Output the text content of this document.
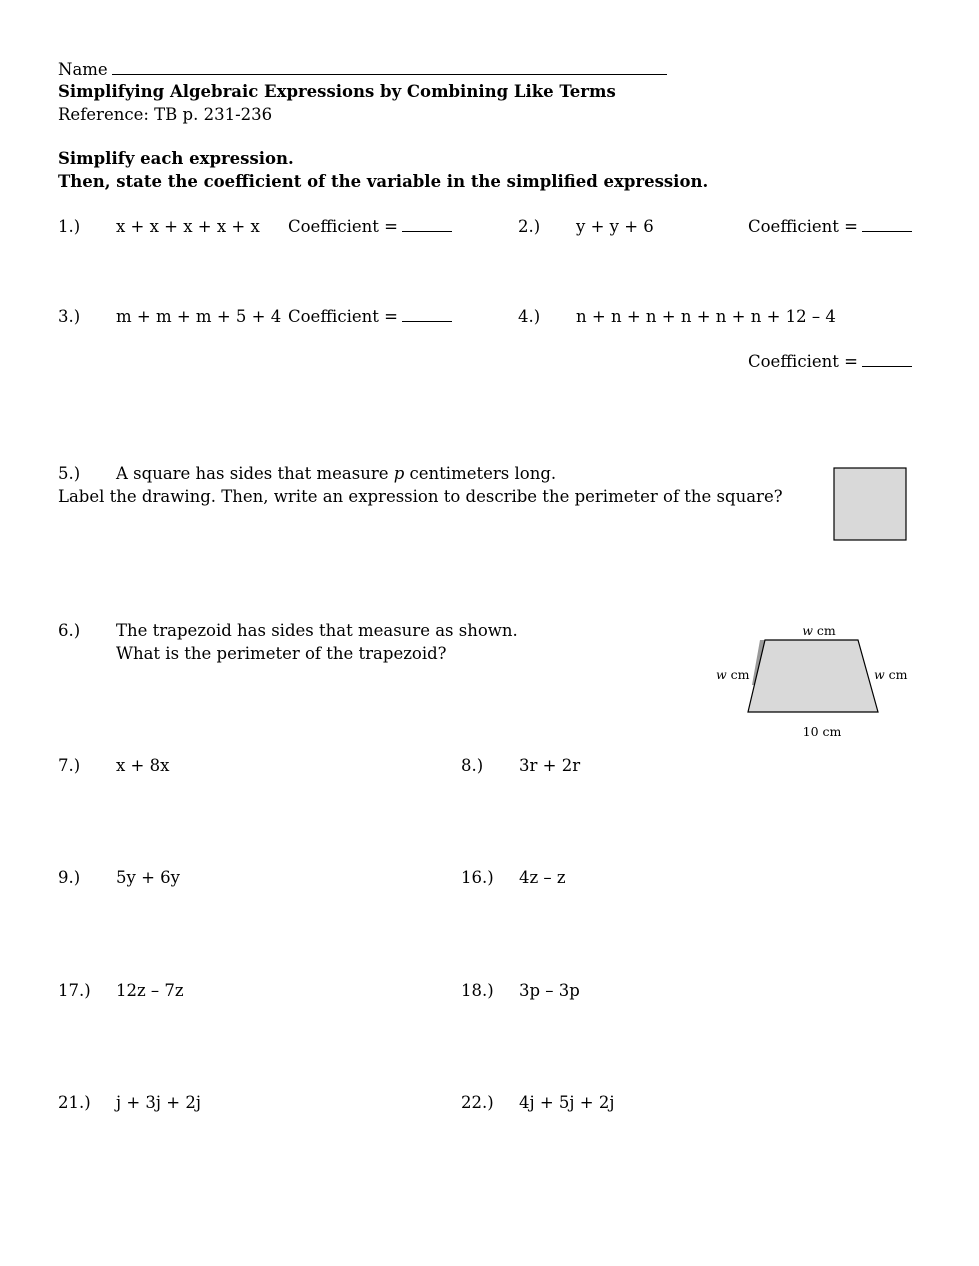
Name
Simplifying Algebraic Expressions by Combining Like Terms
Reference: TB p. 231-236
Simplify each expression.
Then, state the coefficient of the variable in the simplified expression.
1.) x + x + x + x + x Coefficient =	2.) y + y + 6	Coefficient =
3.) m + m + m + 5 + 4 Coefficient =	4.) n + n + n + n + n + n + 12 – 4
Coefficient =
5.) A square has sides that measure p centimeters long.
Label the drawing. Then, write an expression to describe the perimeter of the square?
6.) The trapezoid has sides that measure as shown.
What is the perimeter of the trapezoid?
w cm
w cm	w cm
10 cm
7.) x + 8x	8.) 3r + 2r
9.) 5y + 6y	16.) 4z – z
17.) 12z – 7z	18.) 3p – 3p
21.) j + 3j + 2j	22.) 4j + 5j + 2j
